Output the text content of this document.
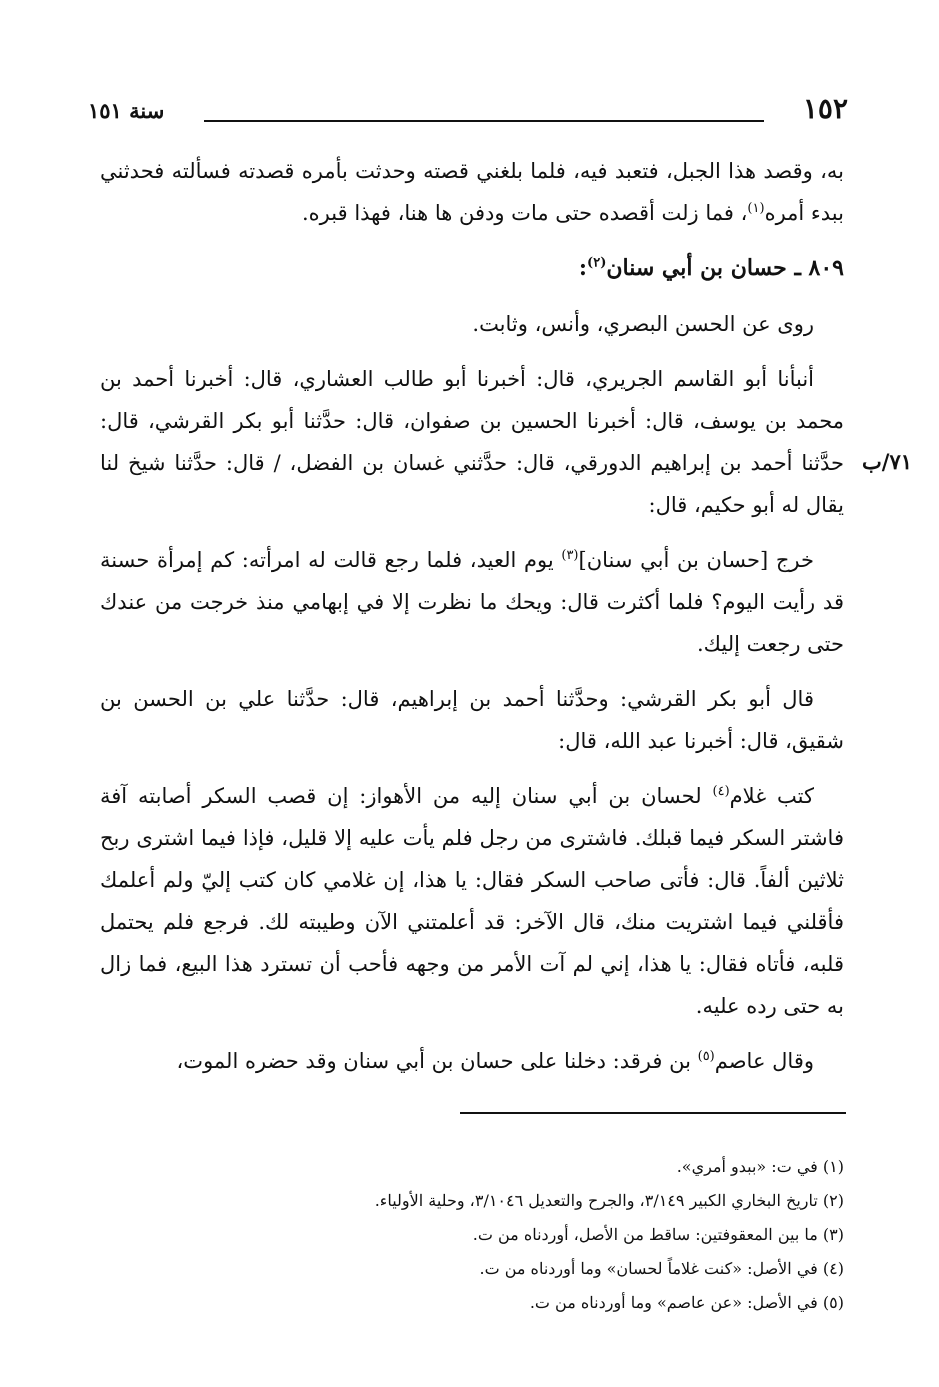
١٥٢
سنة ١٥١
٧١/ب

به، وقصد هذا الجبل، فتعبد فيه، فلما بلغني قصته وحدثت بأمره قصدته فسألته فحدثني ببدء أمره$^{(١)}$، فما زلت أقصده حتى مات ودفن ها هنا، فهذا قبره.

٨٠٩ ـ حسان بن أبي سنان$^{(٢)}$:

روى عن الحسن البصري، وأنس، وثابت.

أنبأنا أبو القاسم الجريري، قال: أخبرنا أبو طالب العشاري، قال: أخبرنا أحمد بن محمد بن يوسف، قال: أخبرنا الحسين بن صفوان، قال: حدَّثنا أبو بكر القرشي، قال: حدَّثنا أحمد بن إبراهيم الدورقي، قال: حدَّثني غسان بن الفضل، / قال: حدَّثنا شيخ لنا يقال له أبو حكيم، قال:

خرج [حسان بن أبي سنان]$^{(٣)}$ يوم العيد، فلما رجع قالت له امرأته: كم إمرأة حسنة قد رأيت اليوم؟ فلما أكثرت قال: ويحك ما نظرت إلا في إبهامي منذ خرجت من عندك حتى رجعت إليك.

قال أبو بكر القرشي: وحدَّثنا أحمد بن إبراهيم، قال: حدَّثنا علي بن الحسن بن شقيق، قال: أخبرنا عبد الله، قال:

كتب غلام$^{(٤)}$ لحسان بن أبي سنان إليه من الأهواز: إن قصب السكر أصابته آفة فاشتر السكر فيما قبلك. فاشترى من رجل فلم يأت عليه إلا قليل، فإذا فيما اشترى ربح ثلاثين ألفاً. قال: فأتى صاحب السكر فقال: يا هذا، إن غلامي كان كتب إليّ ولم أعلمك فأقلني فيما اشتريت منك، قال الآخر: قد أعلمتني الآن وطيبته لك. فرجع فلم يحتمل قلبه، فأتاه فقال: يا هذا، إني لم آت الأمر من وجهه فأحب أن تسترد هذا البيع، فما زال به حتى رده عليه.

وقال عاصم$^{(٥)}$ بن فرقد: دخلنا على حسان بن أبي سنان وقد حضره الموت،

(١) في ت: «ببدو أمري».

(٢) تاريخ البخاري الكبير ٣/١٤٩، والجرح والتعديل ٣/١٠٤٦، وحلية الأولياء.

(٣) ما بين المعقوفتين: ساقط من الأصل، أوردناه من ت.

(٤) في الأصل: «كنت غلاماً لحسان» وما أوردناه من ت.

(٥) في الأصل: «عن عاصم» وما أوردناه من ت.
